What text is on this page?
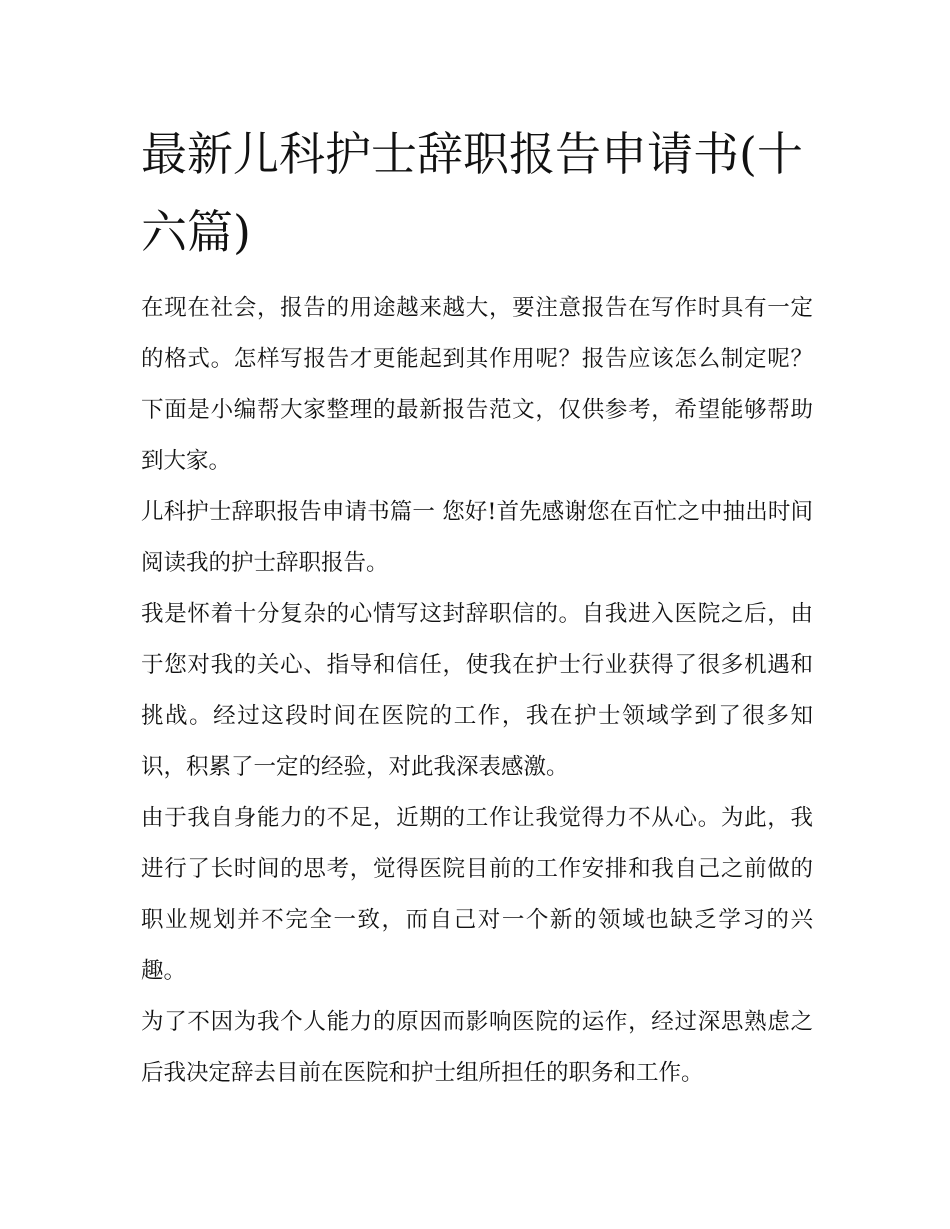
最新儿科护士辞职报告申请书(十六篇)

在现在社会，报告的用途越来越大，要注意报告在写作时具有一定的格式。怎样写报告才更能起到其作用呢？报告应该怎么制定呢？下面是小编帮大家整理的最新报告范文，仅供参考，希望能够帮助到大家。

儿科护士辞职报告申请书篇一 您好!首先感谢您在百忙之中抽出时间阅读我的护士辞职报告。

我是怀着十分复杂的心情写这封辞职信的。自我进入医院之后，由于您对我的关心、指导和信任，使我在护士行业获得了很多机遇和挑战。经过这段时间在医院的工作，我在护士领域学到了很多知识，积累了一定的经验，对此我深表感激。

由于我自身能力的不足，近期的工作让我觉得力不从心。为此，我进行了长时间的思考，觉得医院目前的工作安排和我自己之前做的职业规划并不完全一致，而自己对一个新的领域也缺乏学习的兴趣。

为了不因为我个人能力的原因而影响医院的运作，经过深思熟虑之后我决定辞去目前在医院和护士组所担任的职务和工作。
